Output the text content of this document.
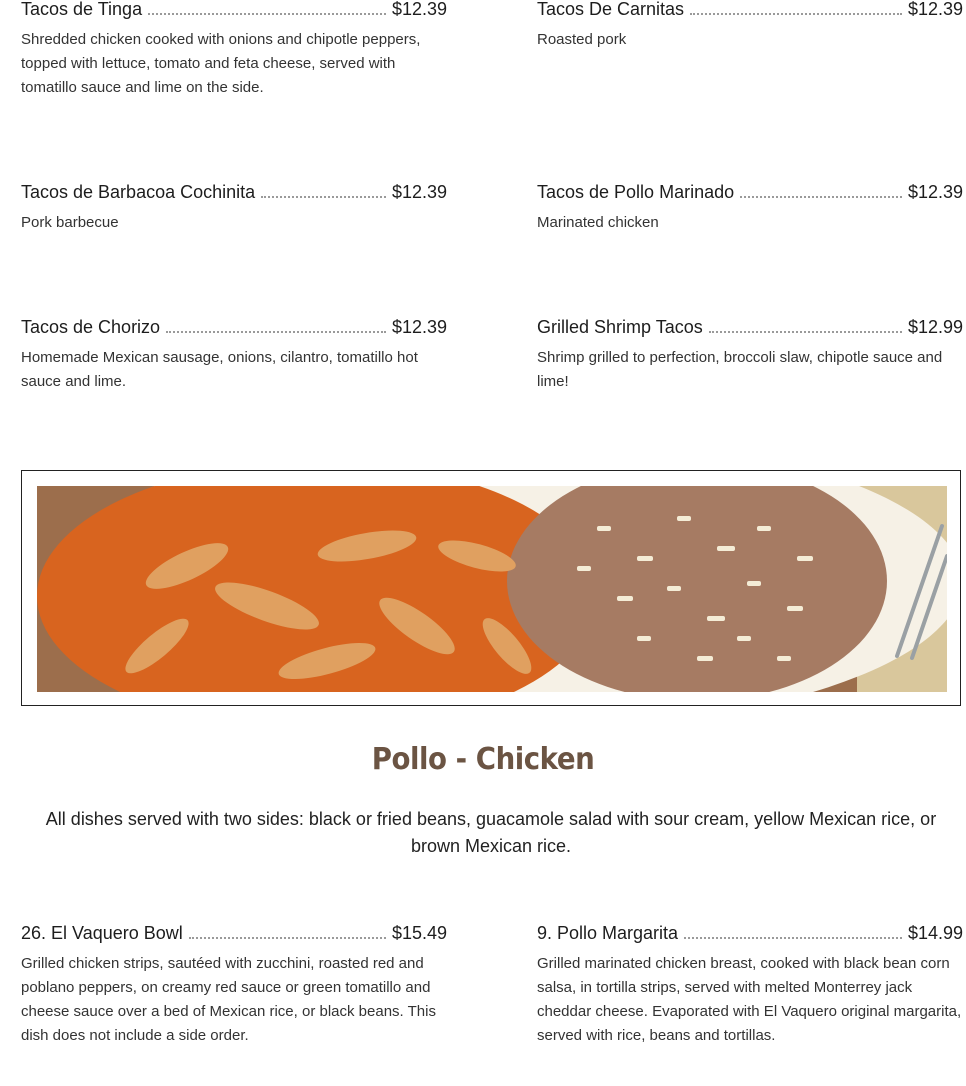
Tacos de Tinga	$12.39
Shredded chicken cooked with onions and chipotle peppers, topped with lettuce, tomato and feta cheese, served with tomatillo sauce and lime on the side.
Tacos De Carnitas	$12.39
Roasted pork
Tacos de Barbacoa Cochinita	$12.39
Pork barbecue
Tacos de Pollo Marinado	$12.39
Marinated chicken
Tacos de Chorizo	$12.39
Homemade Mexican sausage, onions, cilantro, tomatillo hot sauce and lime.
Grilled Shrimp Tacos	$12.99
Shrimp grilled to perfection, broccoli slaw, chipotle sauce and lime!
Pollo - Chicken
All dishes served with two sides: black or fried beans, guacamole salad with sour cream, yellow Mexican rice, or brown Mexican rice.
26. El Vaquero Bowl	$15.49
Grilled chicken strips, sautéed with zucchini, roasted red and poblano peppers, on creamy red sauce or green tomatillo and cheese sauce over a bed of Mexican rice, or black beans. This dish does not include a side order.
9. Pollo Margarita	$14.99
Grilled marinated chicken breast, cooked with black bean corn salsa, in tortilla strips, served with melted Monterrey jack cheddar cheese. Evaporated with El Vaquero original margarita, served with rice, beans and tortillas.
